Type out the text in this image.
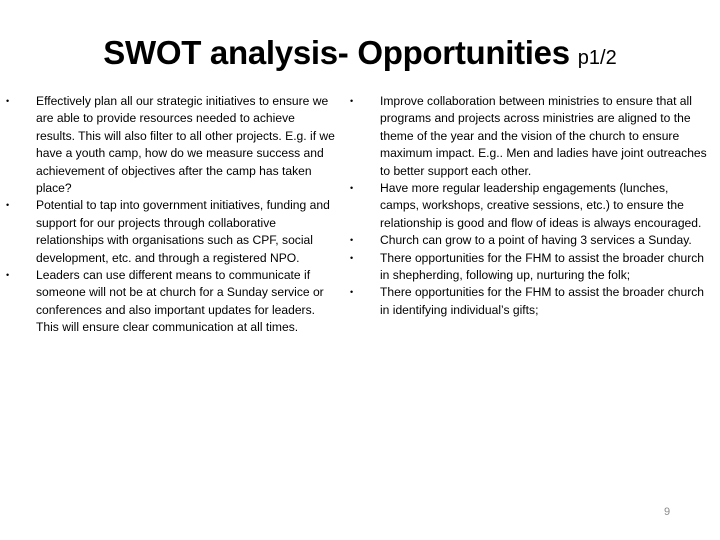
SWOT analysis- Opportunities p1/2
• Effectively plan all our strategic initiatives to ensure we are able to provide resources needed to achieve results. This will also filter to all other projects. E.g. if we have a youth camp, how do we measure success and achievement of objectives after the camp has taken place?
• Potential to tap into government initiatives, funding and support for our projects through collaborative relationships with organisations such as CPF, social development, etc. and through a registered NPO.
• Leaders can use different means to communicate if someone will not be at church for a Sunday service or conferences and also important updates for leaders. This will ensure clear communication at all times.
• Improve collaboration between ministries to ensure that all programs and projects across ministries are aligned to the theme of the year and the vision of the church to ensure maximum impact. E.g.. Men and ladies have joint outreaches to better support each other.
• Have more regular leadership engagements (lunches, camps, workshops, creative sessions, etc.) to ensure the relationship is good and flow of ideas is always encouraged.
• Church can grow to a point of having 3 services a Sunday.
• There opportunities for the FHM to assist the broader church in shepherding, following up, nurturing the folk;
• There opportunities for the FHM to assist the broader church in identifying individual’s gifts;
9
